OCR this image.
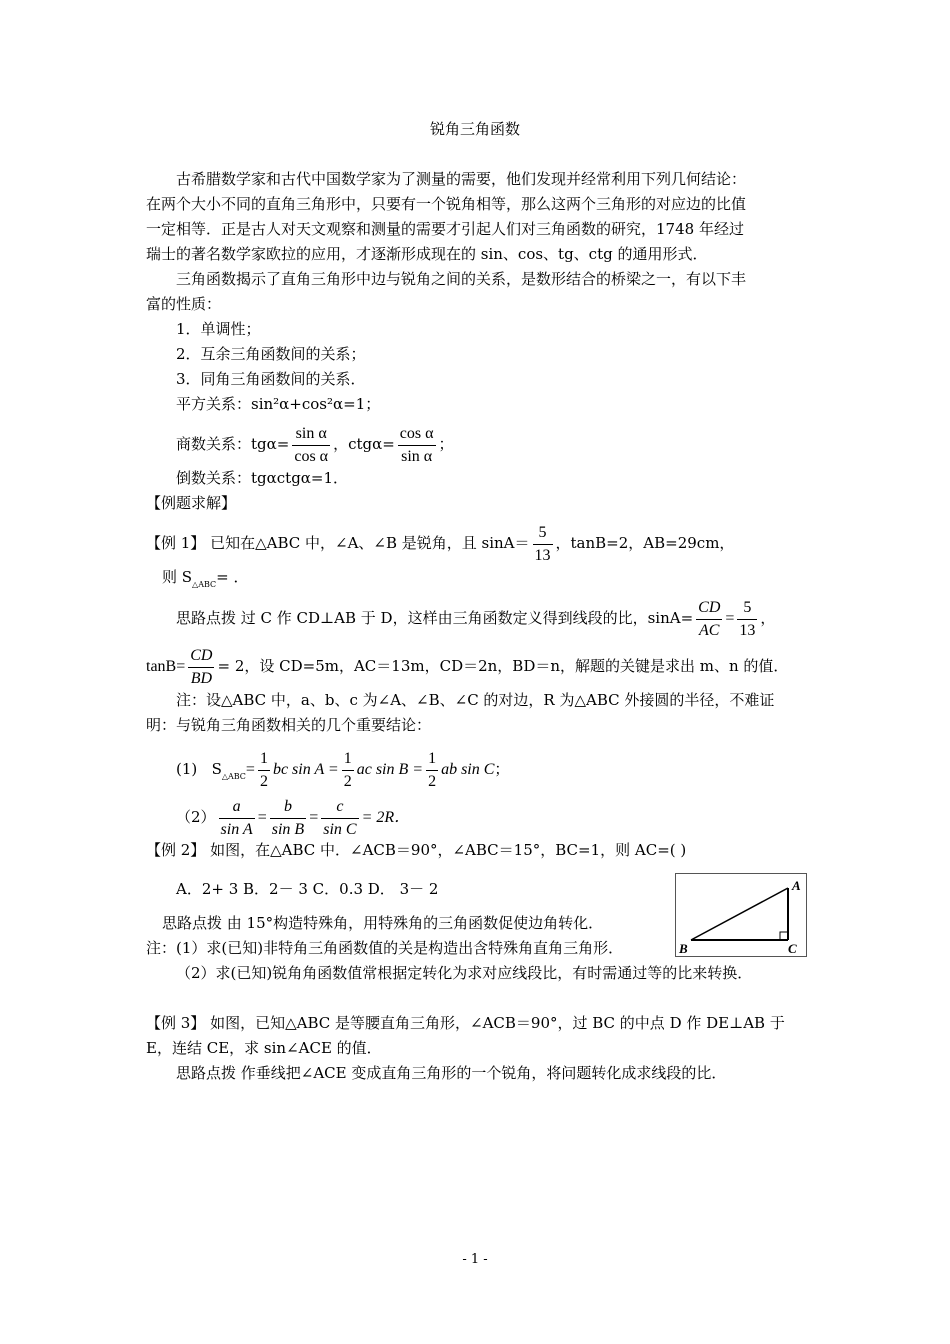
锐角三角函数
古希腊数学家和古代中国数学家为了测量的需要，他们发现并经常利用下列几何结论：
在两个大小不同的直角三角形中，只要有一个锐角相等，那么这两个三角形的对应边的比值
一定相等．正是古人对天文观察和测量的需要才引起人们对三角函数的研究，1748 年经过
瑞士的著名数学家欧拉的应用，才逐渐形成现在的 sin、cos、tg、ctg 的通用形式．
三角函数揭示了直角三角形中边与锐角之间的关系，是数形结合的桥梁之一，有以下丰
富的性质：
1．单调性；
2．互余三角函数间的关系；
3．同角三角函数间的关系．
平方关系：sin²α+cos²α=1；
商数关系：$tg\alpha= \frac{\text{sin α}}{\text{cos α}}$ ，$ctg\alpha= \frac{\text{cos α}}{\text{sin α}}$ ；
倒数关系：tgαctgα=1．
【例题求解】
【例 1】 已知在△ABC 中，∠A、∠B 是锐角，且 $\sin A= \frac{5}{13}$ ，tanB=2，AB=29cm，
则 $S_{\triangle ABC}=$ ．
思路点拨 过 C 作 CD⊥AB 于 D，这样由三角函数定义得到线段的比，$\sin A= \frac{CD}{AC} = \frac{5}{13}$ ，
$\tan B= \frac{CD}{BD} = 2$，设 CD=5m，AC＝13m，CD＝2n，BD＝n，解题的关键是求出 m、n 的值．
注：设△ABC 中，a、b、c 为∠A、∠B、∠C 的对边，R 为△ABC 外接圆的半径，不难证
明：与锐角三角函数相关的几个重要结论：
(1) $S_{\triangle ABC}= \frac{1}{2}$ bc $\sin A = \frac{1}{2}$ ac $\sin B = \frac{1}{2}$ ab sin C；
$(2) \frac{a}{\text{sin A}} = \frac{b}{\text{sin B}} = \frac{c}{\text{sin C}} = 2R$．
【例 2】 如图，在△ABC 中．∠ACB＝90°，∠ABC＝15°，BC=1，则 AC=( )
A．2+ 3 B．2－ 3 C．0.3 D． 3－ 2
思路点拨 由 15°构造特殊角，用特殊角的三角函数促使边角转化．
注：(1）求(已知)非特角三角函数值的关是构造出含特殊角直角三角形．
（2）求(已知)锐角角函数值常根据定转化为求对应线段比，有时需通过等的比来转换．
A
B	C
【例 3】 如图，已知△ABC 是等腰直角三角形，∠ACB＝90°，过 BC 的中点 D 作 DE⊥AB 于
E，连结 CE，求 sin∠ACE 的值．
思路点拨 作垂线把∠ACE 变成直角三角形的一个锐角，将问题转化成求线段的比．
- 1 -
